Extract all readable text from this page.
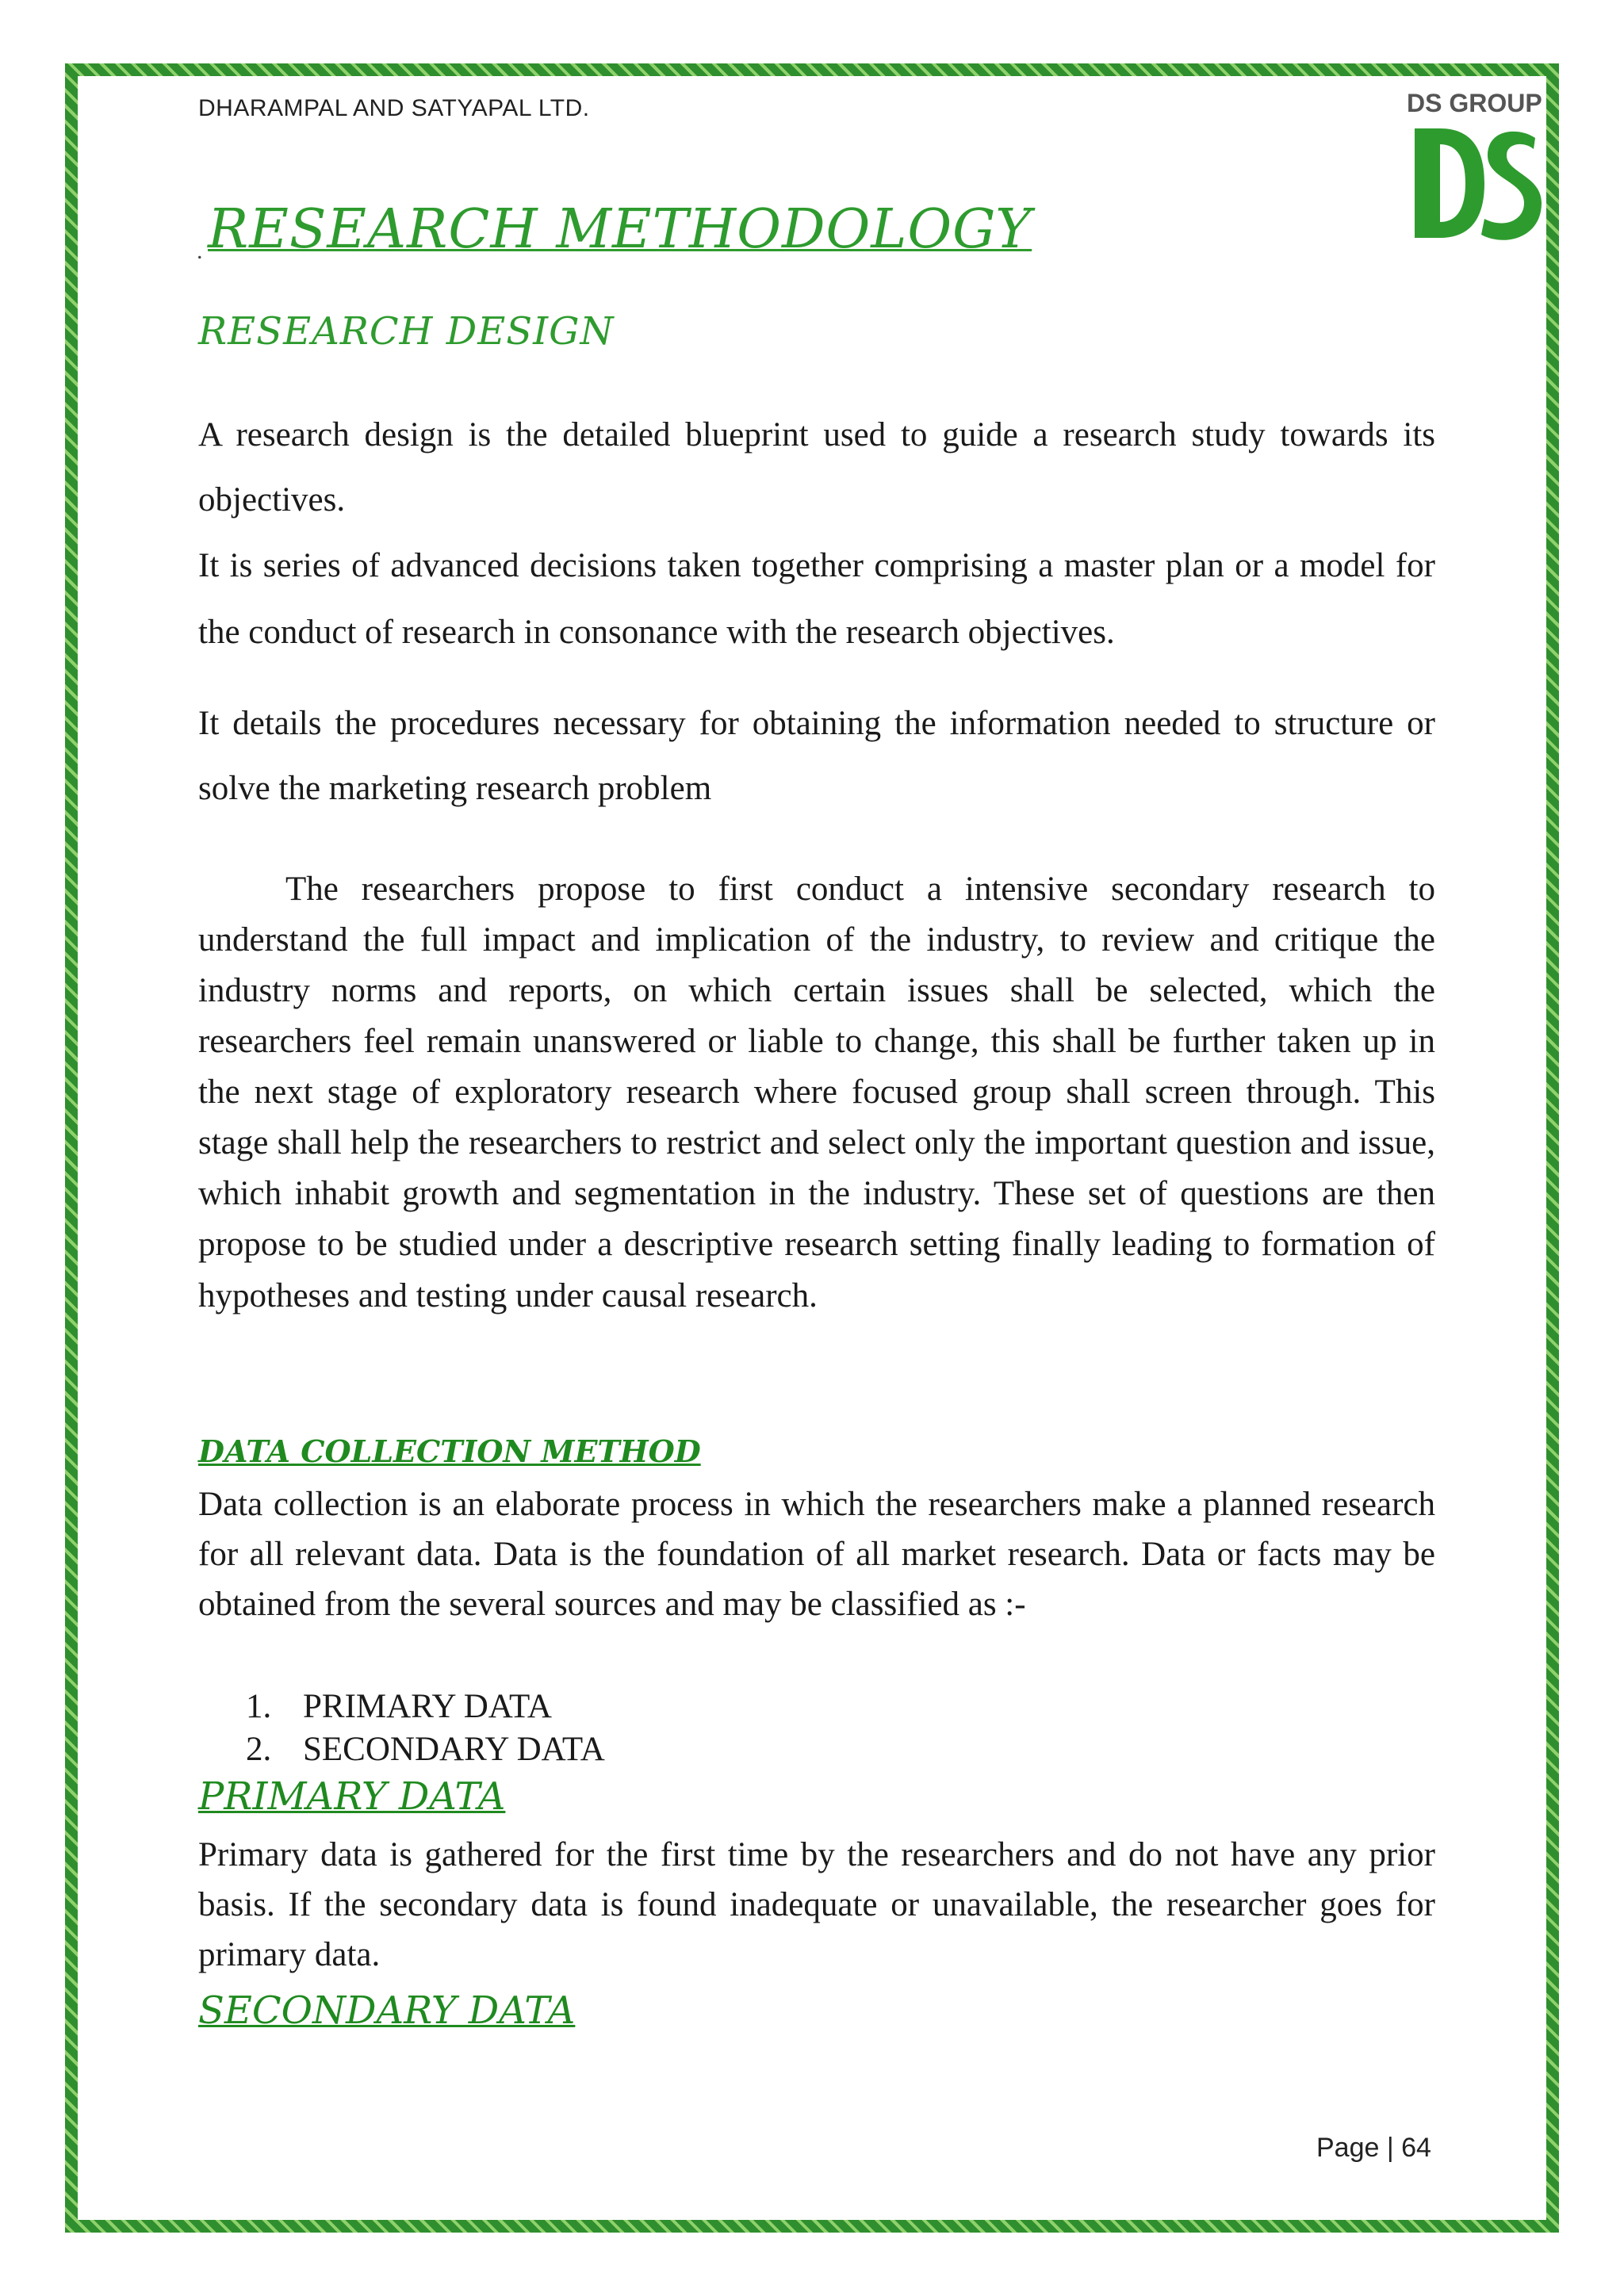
DHARAMPAL AND SATYAPAL LTD.	DS GROUP
. RESEARCH METHODOLOGY
RESEARCH DESIGN
A research design is the detailed blueprint used to guide a research study towards its objectives.
It is series of advanced decisions taken together comprising a master plan or a model for the conduct of research in consonance with the research objectives.
It details the procedures necessary for obtaining the information needed to structure or solve the marketing research problem
The researchers propose to first conduct a intensive secondary research to understand the full impact and implication of the industry, to review and critique the industry norms and reports, on which certain issues shall be selected, which the researchers feel remain unanswered or liable to change, this shall be further taken up in the next stage of exploratory research where focused group shall screen through. This stage shall help the researchers to restrict and select only the important question and issue, which inhabit growth and segmentation in the industry. These set of questions are then propose to be studied under a descriptive research setting finally leading to formation of hypotheses and testing under causal research.
DATA COLLECTION METHOD
Data collection is an elaborate process in which the researchers make a planned research for all relevant data. Data is the foundation of all market research. Data or facts may be obtained from the several sources and may be classified as :-
1. PRIMARY DATA
2. SECONDARY DATA
PRIMARY DATA
Primary data is gathered for the first time by the researchers and do not have any prior basis. If the secondary data is found inadequate or unavailable, the researcher goes for primary data.
SECONDARY DATA
Page | 64
